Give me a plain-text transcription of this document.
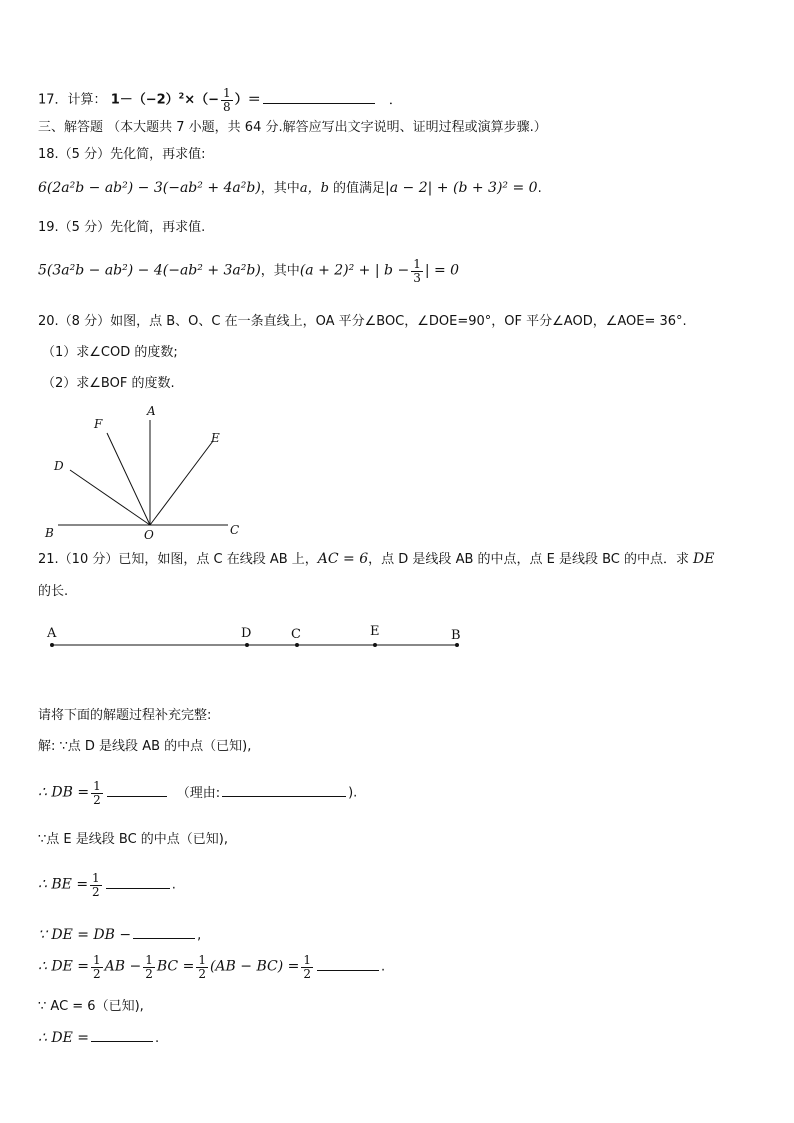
17．计算： $1-(-2)^2\times(- \frac{1}{8}$ ）＝	．
三、解答题 （本大题共 7 小题，共 64 分.解答应写出文字说明、证明过程或演算步骤.）
18.（5 分）先化简，再求值:
6(2a²b − ab²) − 3(−ab² + 4a²b)，其中a，b 的值满足|a − 2| + (b + 3)² = 0.
19.（5 分）先化简，再求值.
5(3a²b − ab²) − 4(−ab² + 3a²b)，其中(a + 2)² + | $b - \frac{1}{3}$ | = 0
20.（8 分）如图，点 B、O、C 在一条直线上，OA 平分∠BOC，∠DOE=90°，OF 平分∠AOD，∠AOE= 36°.
（1）求∠COD 的度数;
（2）求∠BOF 的度数.
A
F
E
D
B	O	C
21.（10 分）已知，如图，点 C 在线段 AB 上，AC = 6，点 D 是线段 AB 的中点，点 E 是线段 BC 的中点．求 DE
的长.
A	D	C	E	B
请将下面的解题过程补充完整:
解: ∵点 D 是线段 AB 的中点（已知),
∴ DB = $\frac{1}{2}$	（理由:	).
∵点 E 是线段 BC 的中点（已知),
∴ BE = $\frac{1}{2}$	.
∵ DE = DB −	,
∴ DE = $\frac{1}{2}$ AB − $\frac{1}{2}$ BC = $\frac{1}{2} (AB - BC) = \frac{1}{2}$	.
∵ AC = 6（已知),
∴ DE =	.
